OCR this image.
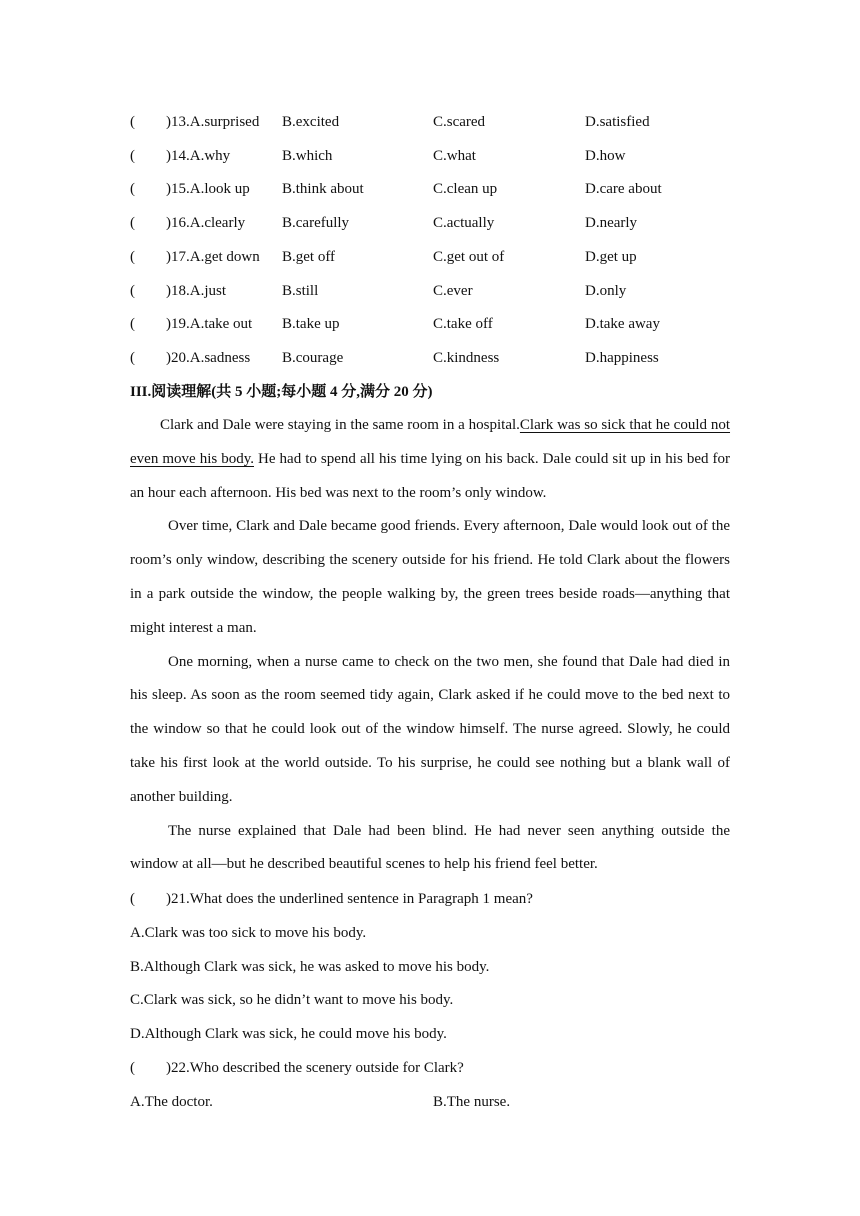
( )13.A.surprised B.excited	C.scared	D.satisfied
( )14.A.why	B.which	C.what	D.how
( )15.A.look up B.think about	C.clean up	D.care about
( )16.A.clearly B.carefully	C.actually	D.nearly
( )17.A.get down B.get off	C.get out of	D.get up
( )18.A.just	B.still	C.ever	D.only
( )19.A.take out B.take up	C.take off	D.take away
( )20.A.sadness B.courage	C.kindness	D.happiness
III.阅读理解(共 5 小题;每小题 4 分,满分 20 分)

Clark and Dale were staying in the same room in a hospital.Clark was so sick that he could not even move his body. He had to spend all his time lying on his back. Dale could sit up in his bed for an hour each afternoon. His bed was next to the room’s only window.

Over time, Clark and Dale became good friends. Every afternoon, Dale would look out of the room’s only window, describing the scenery outside for his friend. He told Clark about the flowers in a park outside the window, the people walking by, the green trees beside roads—anything that might interest a man.

One morning, when a nurse came to check on the two men, she found that Dale had died in his sleep. As soon as the room seemed tidy again, Clark asked if he could move to the bed next to the window so that he could look out of the window himself. The nurse agreed. Slowly, he could take his first look at the world outside. To his surprise, he could see nothing but a blank wall of another building.

The nurse explained that Dale had been blind. He had never seen anything outside the window at all—but he described beautiful scenes to help his friend feel better.

( )21.What does the underlined sentence in Paragraph 1 mean?
A.Clark was too sick to move his body.
B.Although Clark was sick, he was asked to move his body.
C.Clark was sick, so he didn’t want to move his body.
D.Although Clark was sick, he could move his body.
( )22.Who described the scenery outside for Clark?
A.The doctor.	B.The nurse.
